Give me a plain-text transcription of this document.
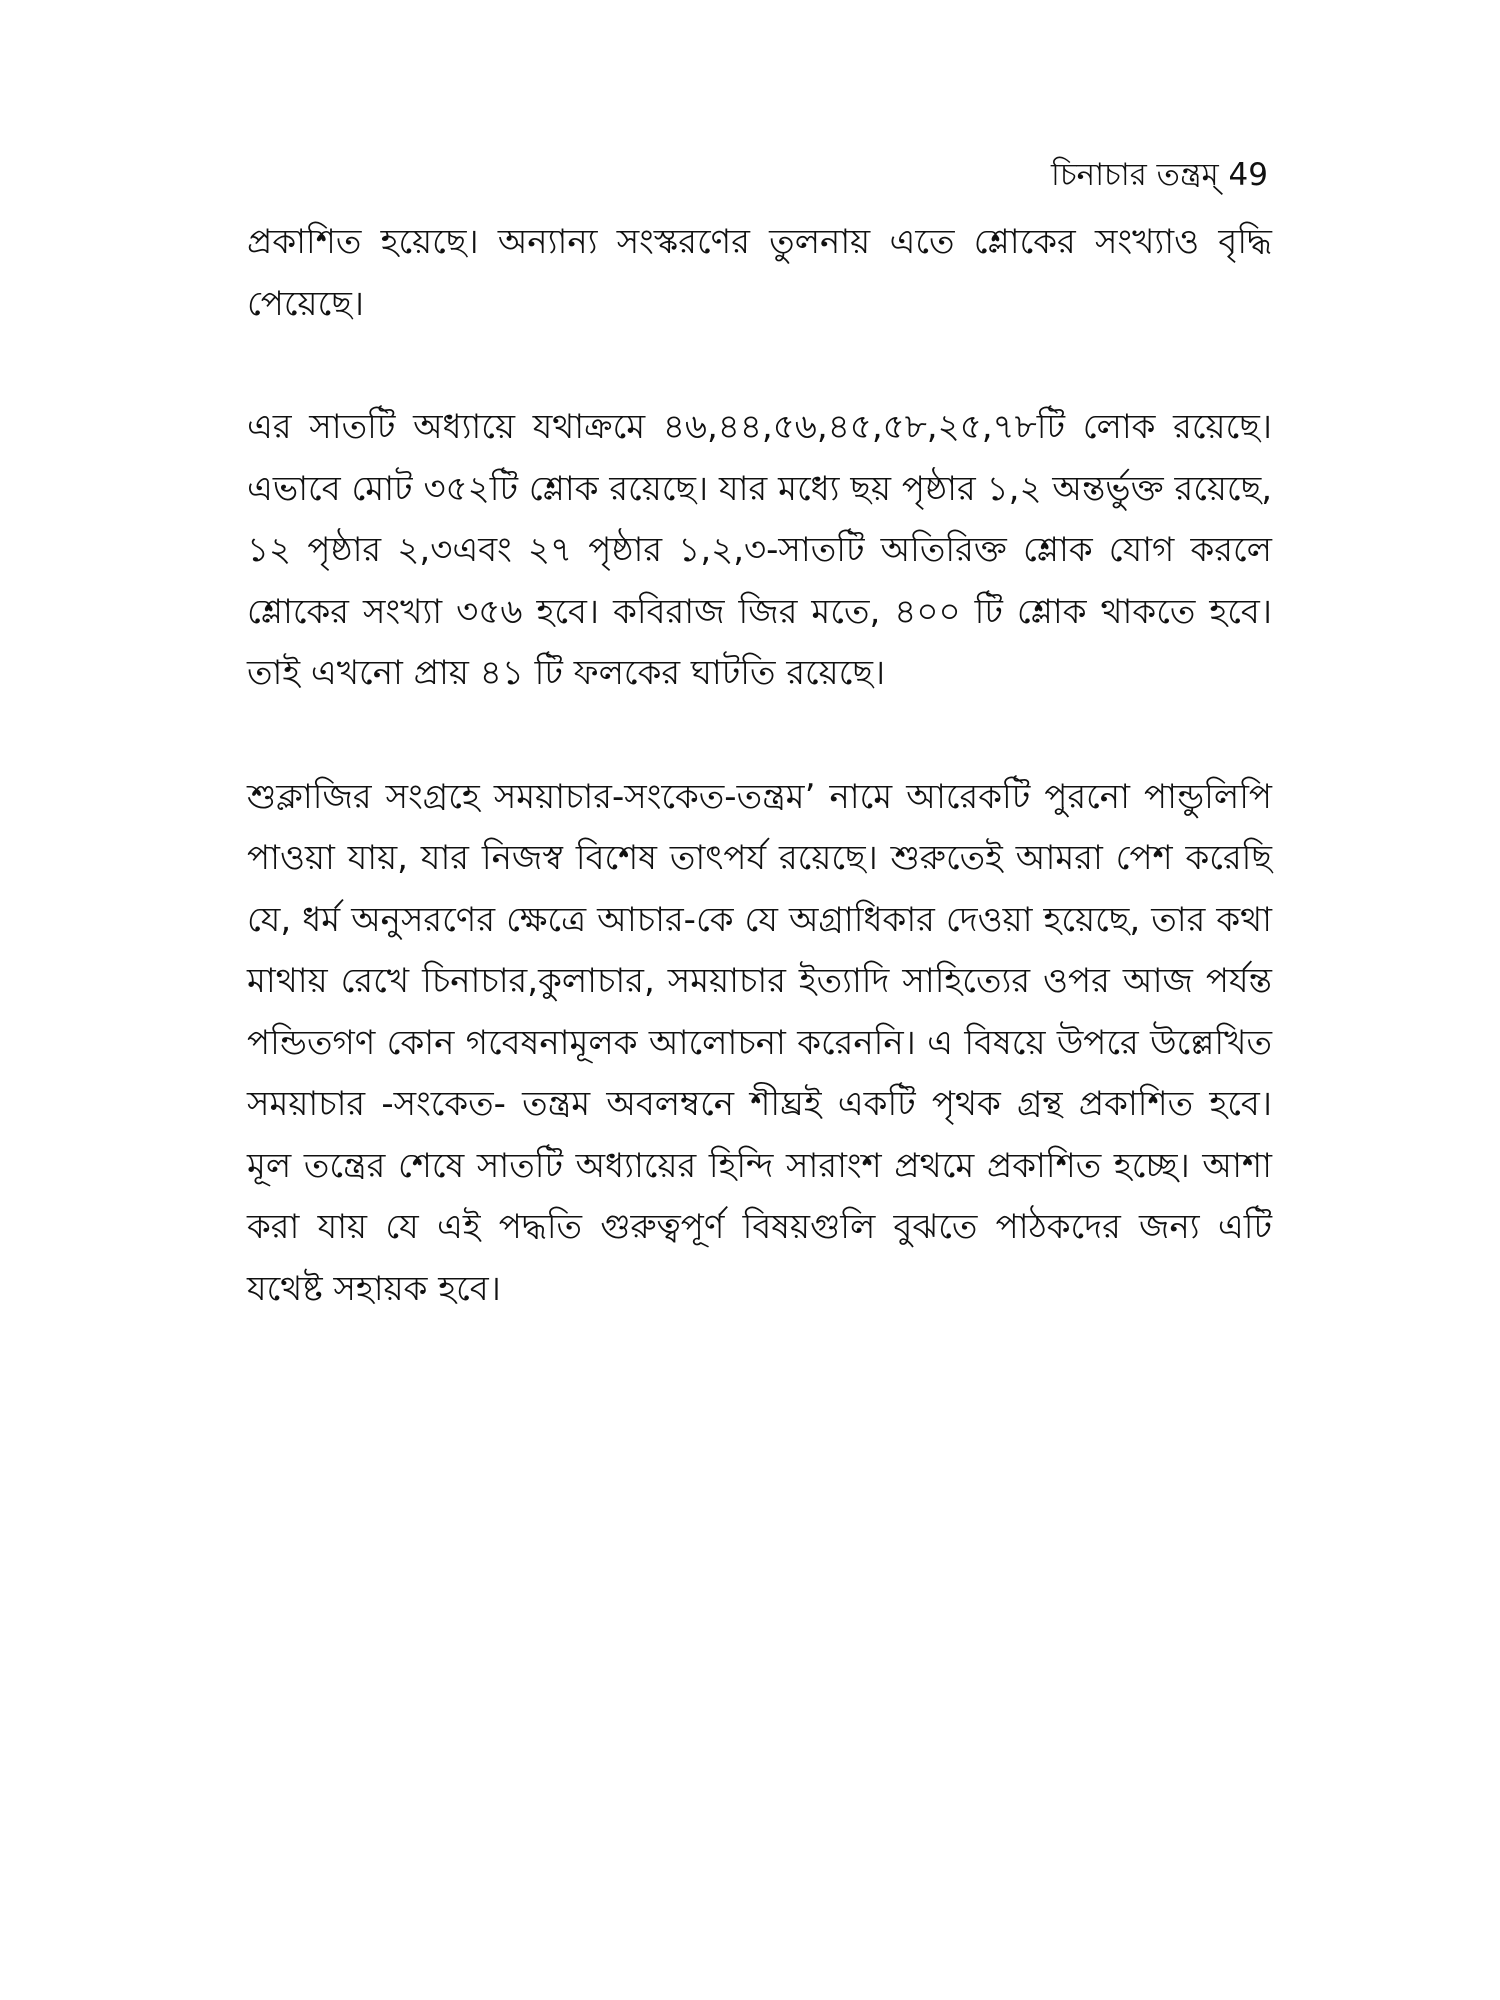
চিনাচার তন্ত্রম্ 49

প্রকাশিত হয়েছে। অন্যান্য সংস্করণের তুলনায় এতে শ্লোকের সংখ্যাও বৃদ্ধি পেয়েছে।

এর সাতটি অধ্যায়ে যথাক্রমে ৪৬,৪৪,৫৬,৪৫,৫৮,২৫,৭৮টি লোক রয়েছে। এভাবে মোট ৩৫২টি শ্লোক রয়েছে। যার মধ্যে ছয় পৃষ্ঠার ১,২ অন্তর্ভুক্ত রয়েছে, ১২ পৃষ্ঠার ২,৩এবং ২৭ পৃষ্ঠার ১,২,৩-সাতটি অতিরিক্ত শ্লোক যোগ করলে শ্লোকের সংখ্যা ৩৫৬ হবে। কবিরাজ জির মতে, ৪০০ টি শ্লোক থাকতে হবে। তাই এখনো প্রায় ৪১ টি ফলকের ঘাটতি রয়েছে।

শুক্লাজির সংগ্রহে সময়াচার-সংকেত-তন্ত্রম’ নামে আরেকটি পুরনো পান্ডুলিপি পাওয়া যায়, যার নিজস্ব বিশেষ তাৎপর্য রয়েছে। শুরুতেই আমরা পেশ করেছি যে, ধর্ম অনুসরণের ক্ষেত্রে আচার-কে যে অগ্রাধিকার দেওয়া হয়েছে, তার কথা মাথায় রেখে চিনাচার,কুলাচার, সময়াচার ইত্যাদি সাহিত্যের ওপর আজ পর্যন্ত পন্ডিতগণ কোন গবেষনামূলক আলোচনা করেননি। এ বিষয়ে উপরে উল্লেখিত সময়াচার -সংকেত- তন্ত্রম অবলম্বনে শীঘ্রই একটি পৃথক গ্রন্থ প্রকাশিত হবে। মূল তন্ত্রের শেষে সাতটি অধ্যায়ের হিন্দি সারাংশ প্রথমে প্রকাশিত হচ্ছে। আশা করা যায় যে এই পদ্ধতি গুরুত্বপূর্ণ বিষয়গুলি বুঝতে পাঠকদের জন্য এটি যথেষ্ট সহায়ক হবে।
